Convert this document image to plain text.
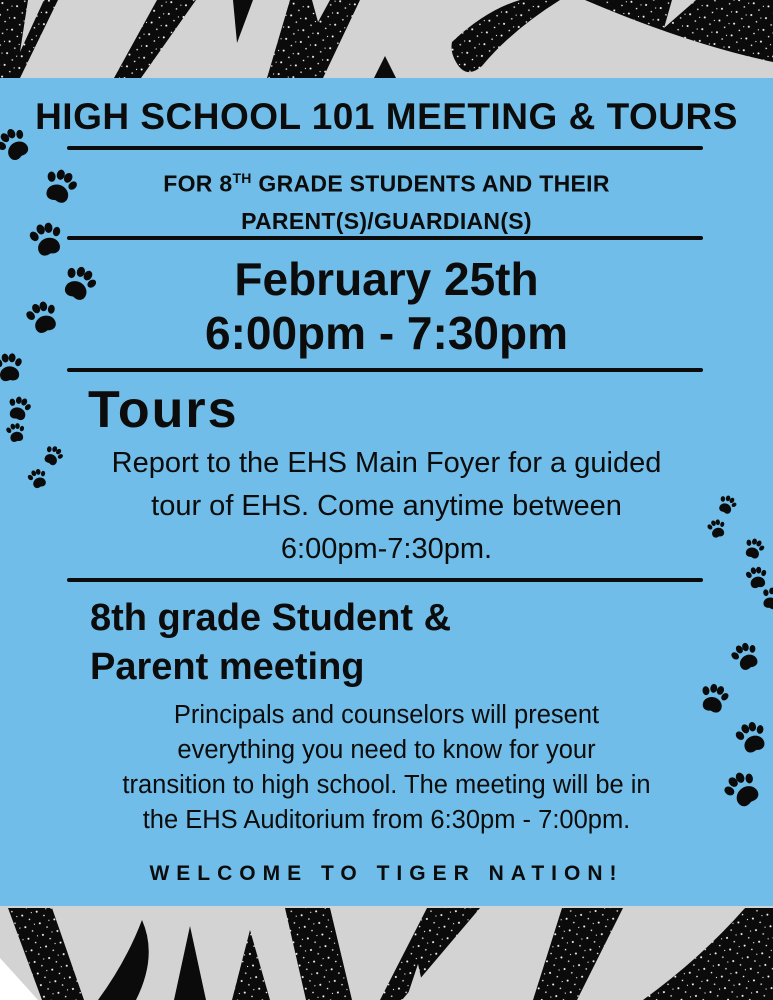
HIGH SCHOOL 101 MEETING & TOURS
FOR 8TH GRADE STUDENTS AND THEIR
PARENT(S)/GUARDIAN(S)
February 25th
6:00pm - 7:30pm
Tours
Report to the EHS Main Foyer for a guided
tour of EHS. Come anytime between
6:00pm-7:30pm.
8th grade Student &
Parent meeting
Principals and counselors will present
everything you need to know for your
transition to high school. The meeting will be in
the EHS Auditorium from 6:30pm - 7:00pm.
WELCOME TO TIGER NATION!
